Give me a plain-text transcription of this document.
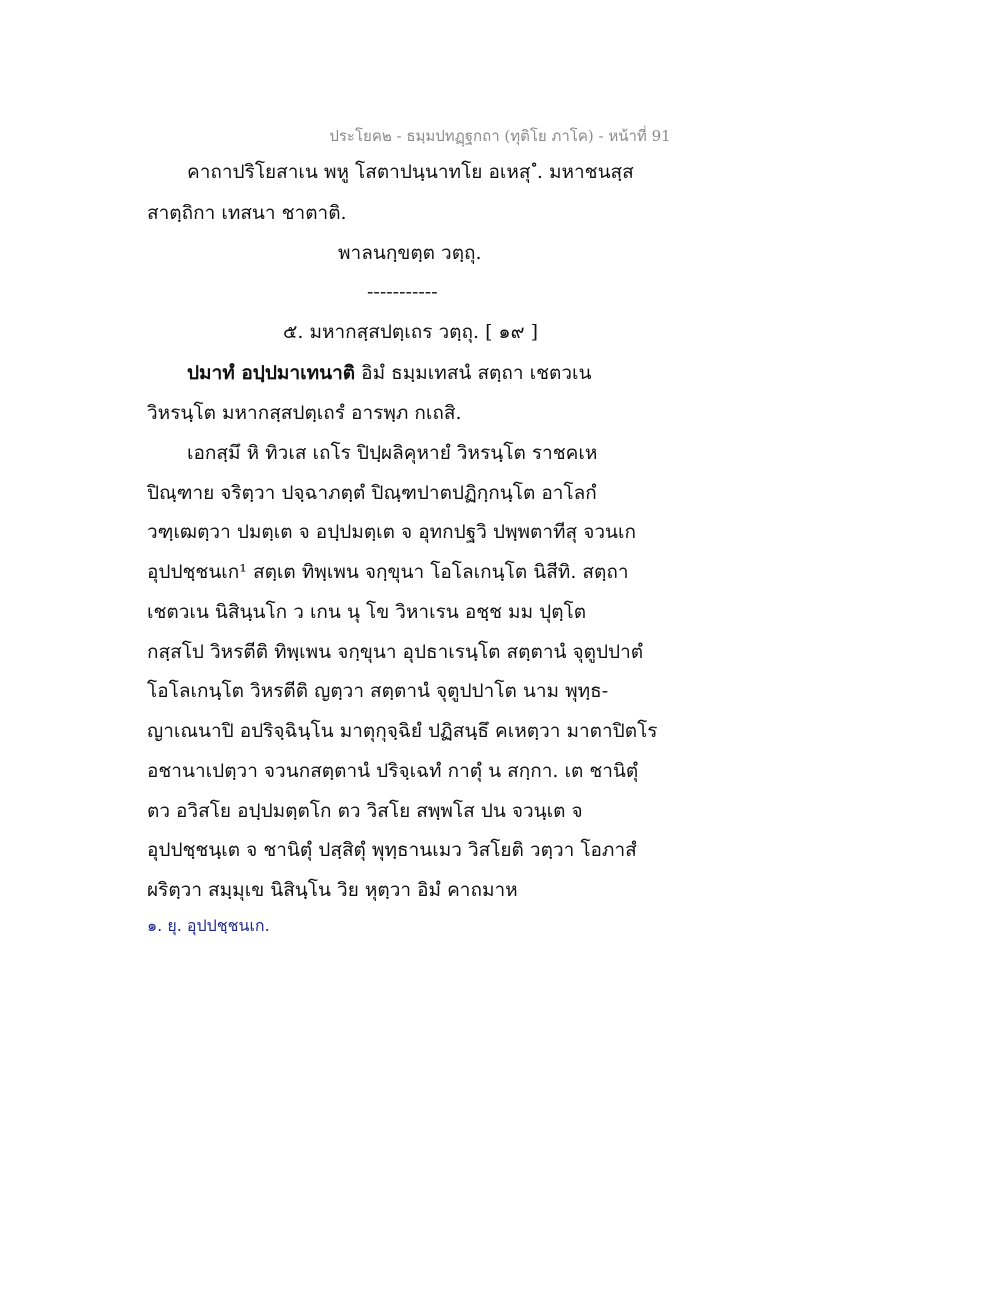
ประโยค๒ - ธมฺมปทฏฺฐกถา (ทุติโย ภาโค) - หน้าที่ 91
คาถาปริโยสาเน พหู โสตาปนฺนาทโย อเหสุ ํ. มหาชนสฺส
สาตฺถิกา เทสนา ชาตาติ.
พาลนกฺขตฺต วตฺถุ.
-----------
๕. มหากสฺสปตฺเถร วตฺถุ. [ ๑๙ ]
ปมาทํ อปฺปมาเทนาติ อิมํ ธมฺมเทสนํ สตฺถา เชตวเน
วิหรนฺโต มหากสฺสปตฺเถรํ อารพฺภ กเถสิ.
เอกสฺมึ หิ ทิวเส เถโร ปิปฺผลิคุหายํ วิหรนฺโต ราชคเห
ปิณฺฑาย จริตฺวา ปจฺฉาภตฺตํ ปิณฺฑปาตปฏิกฺกนฺโต อาโลกํ
วฑฺเฒตฺวา ปมตฺเต จ อปฺปมตฺเต จ อุทกปฐวิ ปพฺพตาทีสุ จวนเก
อุปปชฺชนเก¹ สตฺเต ทิพฺเพน จกฺขุนา โอโลเกนฺโต นิสีทิ. สตฺถา
เชตวเน นิสินฺนโก ว เกน นุ โข วิหาเรน อชฺช มม ปุตฺโต
กสฺสโป วิหรตีติ ทิพฺเพน จกฺขุนา อุปธาเรนฺโต สตฺตานํ จุตูปปาตํ
โอโลเกนฺโต วิหรตีติ ญตฺวา สตฺตานํ จุตูปปาโต นาม พุทฺธ-
ญาเณนาปิ อปริจฺฉินฺโน มาตุกุจฺฉิยํ ปฏิสนฺธึ คเหตฺวา มาตาปิตโร
อชานาเปตฺวา จวนกสตฺตานํ ปริจฺเฉทํ กาตุํ น สกฺกา. เต ชานิตุํ
ตว อวิสโย อปฺปมตฺตโก ตว วิสโย สพฺพโส ปน จวนฺเต จ
อุปปชฺชนฺเต จ ชานิตุํ ปสฺสิตุํ พุทฺธานเมว วิสโยติ วตฺวา โอภาสํ
ผริตฺวา สมฺมุเข นิสินฺโน วิย หุตฺวา อิมํ คาถมาห
๑. ยุ. อุปปชฺชนเก.
